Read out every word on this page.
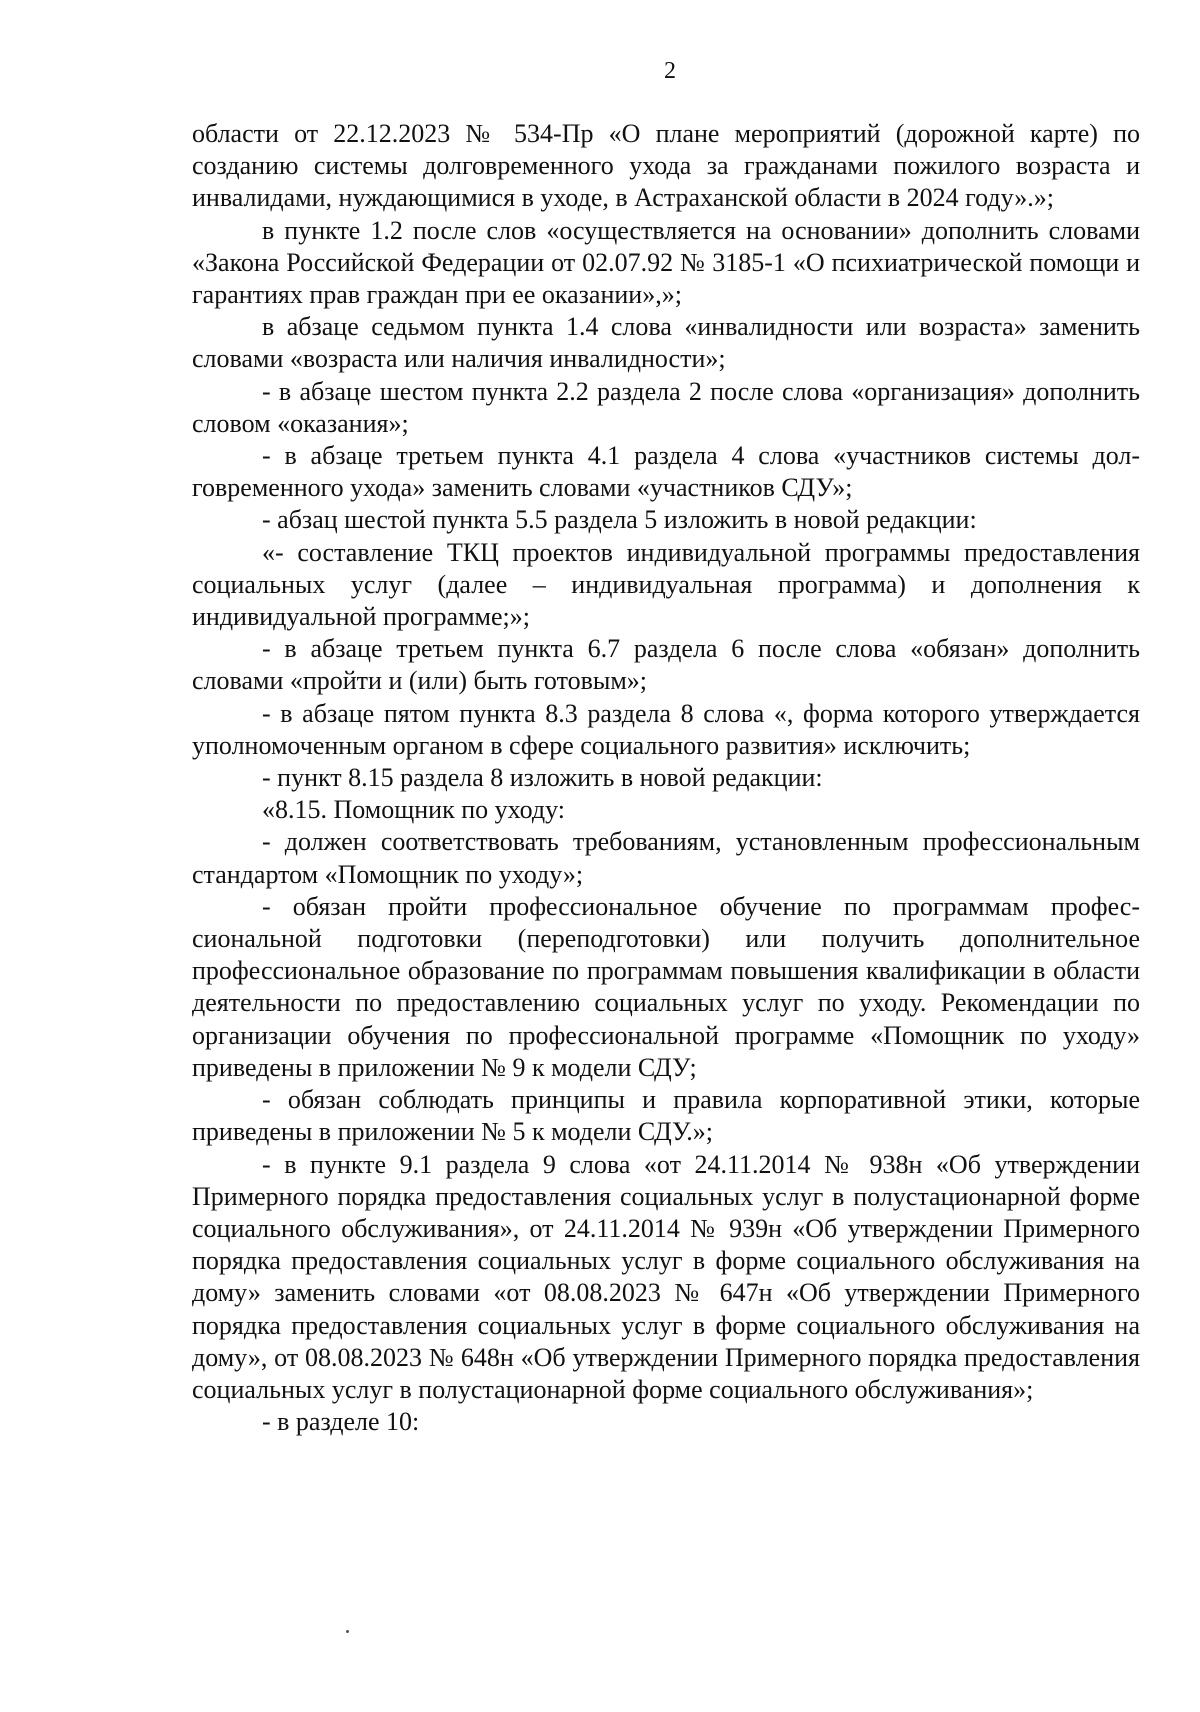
2

области от 22.12.2023 № 534-Пр «О плане мероприятий (дорожной карте) по созданию системы долговременного ухода за гражданами пожилого возраста и инвалидами, нуждающимися в уходе, в Астраханской области в 2024 году».»;

в пункте 1.2 после слов «осуществляется на основании» дополнить словами «Закона Российской Федерации от 02.07.92 № 3185-1 «О психиатрической помощи и гарантиях прав граждан при ее оказании»,»;

в абзаце седьмом пункта 1.4 слова «инвалидности или возраста» заменить словами «возраста или наличия инвалидности»;

- в абзаце шестом пункта 2.2 раздела 2 после слова «организация» дополнить словом «оказания»;

- в абзаце третьем пункта 4.1 раздела 4 слова «участников системы долговременного ухода» заменить словами «участников СДУ»;

- абзац шестой пункта 5.5 раздела 5 изложить в новой редакции:

«- составление ТКЦ проектов индивидуальной программы предоставления социальных услуг (далее – индивидуальная программа) и дополнения к индивидуальной программе;»;

- в абзаце третьем пункта 6.7 раздела 6 после слова «обязан» дополнить словами «пройти и (или) быть готовым»;

- в абзаце пятом пункта 8.3 раздела 8 слова «, форма которого утверждается уполномоченным органом в сфере социального развития» исключить;

- пункт 8.15 раздела 8 изложить в новой редакции:

«8.15. Помощник по уходу:

- должен соответствовать требованиям, установленным профессиональным стандартом «Помощник по уходу»;

- обязан пройти профессиональное обучение по программам профессиональной подготовки (переподготовки) или получить дополнительное профессиональное образование по программам повышения квалификации в области деятельности по предоставлению социальных услуг по уходу. Рекомендации по организации обучения по профессиональной программе «Помощник по уходу» приведены в приложении № 9 к модели СДУ;

- обязан соблюдать принципы и правила корпоративной этики, которые приведены в приложении № 5 к модели СДУ.»;

- в пункте 9.1 раздела 9 слова «от 24.11.2014 № 938н «Об утверждении Примерного порядка предоставления социальных услуг в полустационарной форме социального обслуживания», от 24.11.2014 № 939н «Об утверждении Примерного порядка предоставления социальных услуг в форме социального обслуживания на дому» заменить словами «от 08.08.2023 № 647н «Об утверждении Примерного порядка предоставления социальных услуг в форме социального обслуживания на дому», от 08.08.2023 № 648н «Об утверждении Примерного порядка предоставления социальных услуг в полустационарной форме социального обслуживания»;

- в разделе 10:
